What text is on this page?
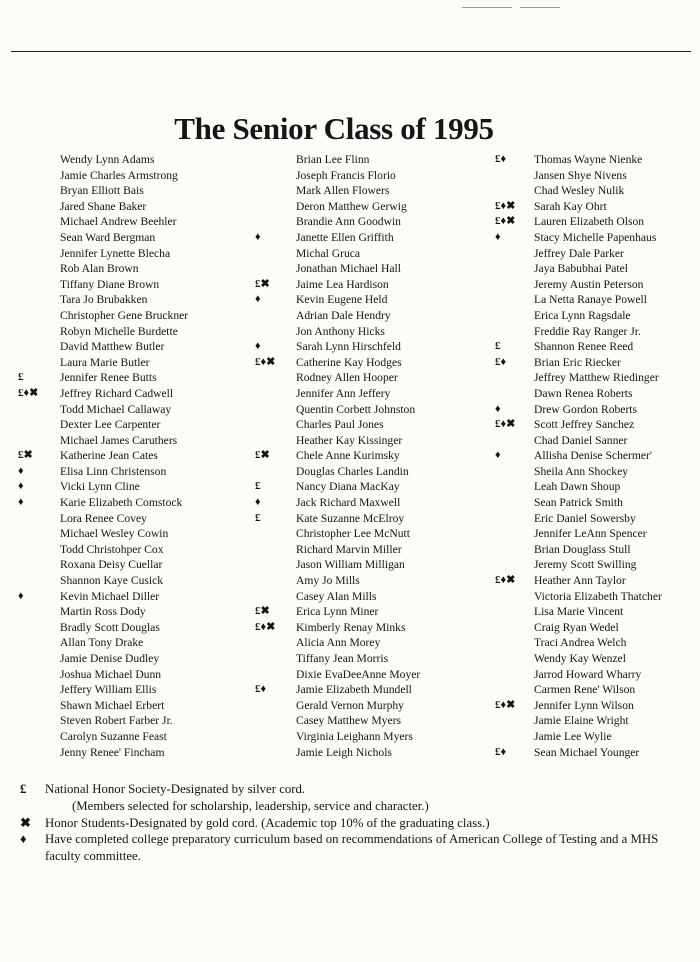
The Senior Class of 1995
Wendy Lynn Adams
Jamie Charles Armstrong
Bryan Elliott Bais
Jared Shane Baker
Michael Andrew Beehler
Sean Ward Bergman
Jennifer Lynette Blecha
Rob Alan Brown
Tiffany Diane Brown
Tara Jo Brubakken
Christopher Gene Bruckner
Robyn Michelle Burdette
David Matthew Butler
Laura Marie Butler
£	Jennifer Renee Butts
£♦✖ Jeffrey Richard Cadwell
Todd Michael Callaway
Dexter Lee Carpenter
Michael James Caruthers
£✖ Katherine Jean Cates
♦	Elisa Linn Christenson
♦	Vicki Lynn Cline
♦	Karie Elizabeth Comstock
Lora Renee Covey
Michael Wesley Cowin
Todd Christohper Cox
Roxana Deisy Cuellar
Shannon Kaye Cusick
♦	Kevin Michael Diller
Martin Ross Dody
Bradly Scott Douglas
Allan Tony Drake
Jamie Denise Dudley
Joshua Michael Dunn
Jeffery William Ellis
Shawn Michael Erbert
Steven Robert Farber Jr.
Carolyn Suzanne Feast
Jenny Renee' Fincham
Brian Lee Flinn
Joseph Francis Florio
Mark Allen Flowers
Deron Matthew Gerwig
Brandie Ann Goodwin
♦	Janette Ellen Griffith
Michal Gruca
Jonathan Michael Hall
£✖ Jaime Lea Hardison
♦	Kevin Eugene Held
Adrian Dale Hendry
Jon Anthony Hicks
♦	Sarah Lynn Hirschfeld
£♦✖ Catherine Kay Hodges
Rodney Allen Hooper
Jennifer Ann Jeffery
Quentin Corbett Johnston
Charles Paul Jones
Heather Kay Kissinger
£✖ Chele Anne Kurimsky
Douglas Charles Landin
£	Nancy Diana MacKay
♦	Jack Richard Maxwell
£	Kate Suzanne McElroy
Christopher Lee McNutt
Richard Marvin Miller
Jason William Milligan
Amy Jo Mills
Casey Alan Mills
£✖ Erica Lynn Miner
£♦✖ Kimberly Renay Minks
Alicia Ann Morey
Tiffany Jean Morris
Dixie EvaDeeAnne Moyer
£♦	Jamie Elizabeth Mundell
Gerald Vernon Murphy
Casey Matthew Myers
Virginia Leighann Myers
Jamie Leigh Nichols
£♦ Thomas Wayne Nienke
Jansen Shye Nivens
Chad Wesley Nulik
£♦✖ Sarah Kay Ohrt
£♦✖ Lauren Elizabeth Olson
♦	Stacy Michelle Papenhaus
Jeffrey Dale Parker
Jaya Babubhai Patel
Jeremy Austin Peterson
La Netta Ranaye Powell
Erica Lynn Ragsdale
Freddie Ray Ranger Jr.
£	Shannon Renee Reed
£♦ Brian Eric Riecker
Jeffrey Matthew Riedinger
Dawn Renea Roberts
♦	Drew Gordon Roberts
£♦✖ Scott Jeffrey Sanchez
Chad Daniel Sanner
♦	Allisha Denise Schermer'
Sheila Ann Shockey
Leah Dawn Shoup
Sean Patrick Smith
Eric Daniel Sowersby
Jennifer LeAnn Spencer
Brian Douglass Stull
Jeremy Scott Swilling
£♦✖ Heather Ann Taylor
Victoria Elizabeth Thatcher
Lisa Marie Vincent
Craig Ryan Wedel
Traci Andrea Welch
Wendy Kay Wenzel
Jarrod Howard Wharry
Carmen Rene' Wilson
£♦✖ Jennifer Lynn Wilson
Jamie Elaine Wright
Jamie Lee Wylie
£♦ Sean Michael Younger
£ National Honor Society-Designated by silver cord.
(Members selected for scholarship, leadership, service and character.)
✖ Honor Students-Designated by gold cord. (Academic top 10% of the graduating class.)
♦ Have completed college preparatory curriculum based on recommendations of American College of Testing and a MHS faculty committee.
